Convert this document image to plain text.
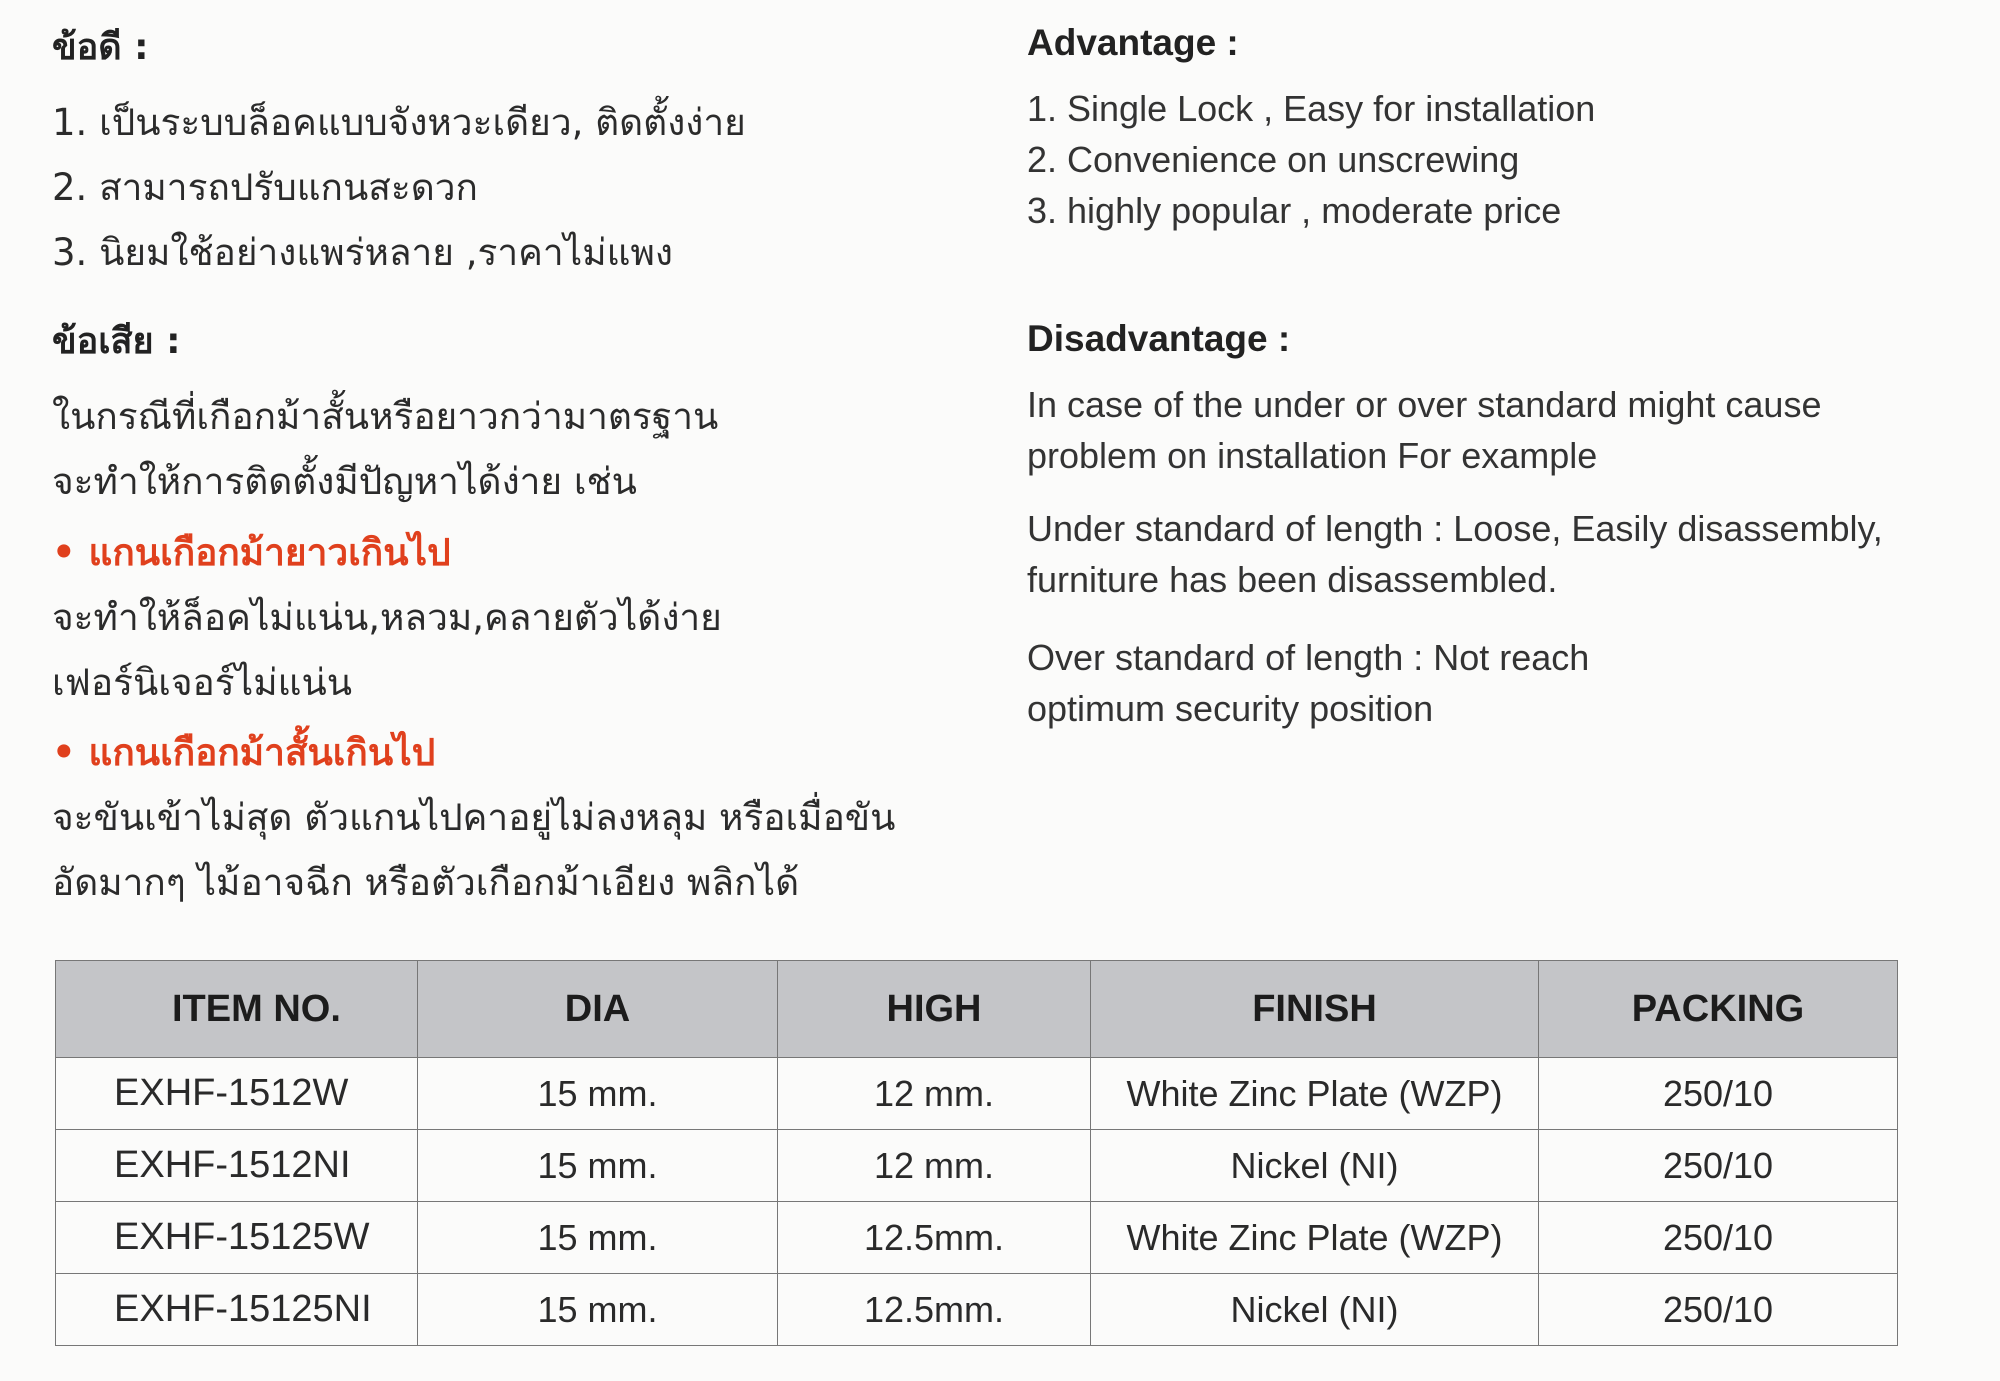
ข้อดี :
1. เป็นระบบล็อคแบบจังหวะเดียว, ติดตั้งง่าย
2. สามารถปรับแกนสะดวก
3. นิยมใช้อย่างแพร่หลาย ,ราคาไม่แพง
ข้อเสีย :
ในกรณีที่เกือกม้าสั้นหรือยาวกว่ามาตรฐาน
จะทำให้การติดตั้งมีปัญหาได้ง่าย เช่น
• แกนเกือกม้ายาวเกินไป
จะทำให้ล็อคไม่แน่น,หลวม,คลายตัวได้ง่าย
เฟอร์นิเจอร์ไม่แน่น
• แกนเกือกม้าสั้นเกินไป
จะขันเข้าไม่สุด ตัวแกนไปคาอยู่ไม่ลงหลุม หรือเมื่อขัน
อัดมากๆ ไม้อาจฉีก หรือตัวเกือกม้าเอียง พลิกได้
Advantage :
1. Single Lock , Easy for installation
2. Convenience on unscrewing
3. highly popular , moderate price
Disadvantage :
In case of the under or over standard might cause
problem on installation For example
Under standard of length : Loose, Easily disassembly,
furniture has been disassembled.
Over standard of length : Not reach
optimum security position
ITEM NO.	DIA	HIGH	FINISH	PACKING
EXHF-1512W	15 mm.	12 mm.	White Zinc Plate (WZP)	250/10
EXHF-1512NI	15 mm.	12 mm.	Nickel (NI)	250/10
EXHF-15125W	15 mm.	12.5mm.	White Zinc Plate (WZP)	250/10
EXHF-15125NI	15 mm.	12.5mm.	Nickel (NI)	250/10
